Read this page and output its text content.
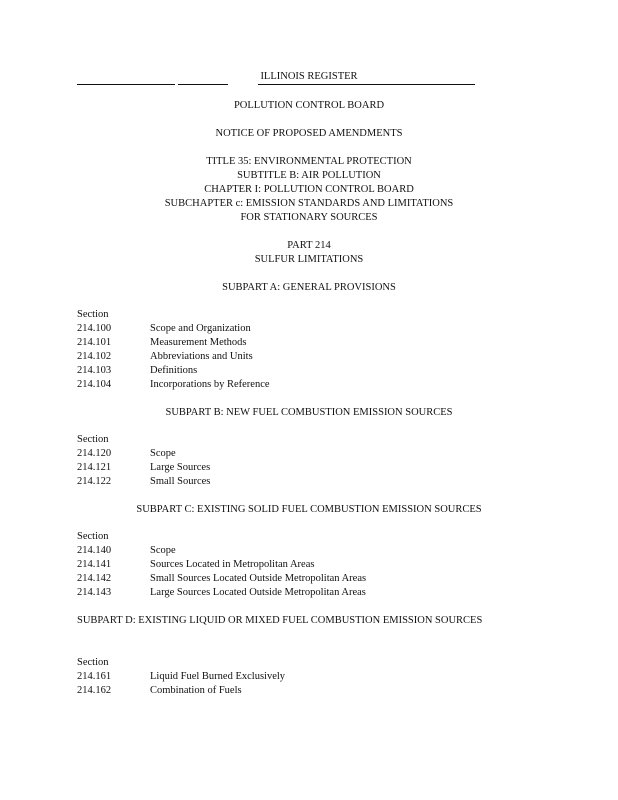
ILLINOIS REGISTER
POLLUTION CONTROL BOARD
NOTICE OF PROPOSED AMENDMENTS
TITLE 35: ENVIRONMENTAL PROTECTION
SUBTITLE B: AIR POLLUTION
CHAPTER I: POLLUTION CONTROL BOARD
SUBCHAPTER c: EMISSION STANDARDS AND LIMITATIONS
FOR STATIONARY SOURCES
PART 214
SULFUR LIMITATIONS
SUBPART A: GENERAL PROVISIONS
Section
214.100	Scope and Organization
214.101	Measurement Methods
214.102	Abbreviations and Units
214.103	Definitions
214.104	Incorporations by Reference
SUBPART B: NEW FUEL COMBUSTION EMISSION SOURCES
Section
214.120	Scope
214.121	Large Sources
214.122	Small Sources
SUBPART C: EXISTING SOLID FUEL COMBUSTION EMISSION SOURCES
Section
214.140	Scope
214.141	Sources Located in Metropolitan Areas
214.142	Small Sources Located Outside Metropolitan Areas
214.143	Large Sources Located Outside Metropolitan Areas
SUBPART D: EXISTING LIQUID OR MIXED FUEL COMBUSTION EMISSION SOURCES
Section
214.161	Liquid Fuel Burned Exclusively
214.162	Combination of Fuels
